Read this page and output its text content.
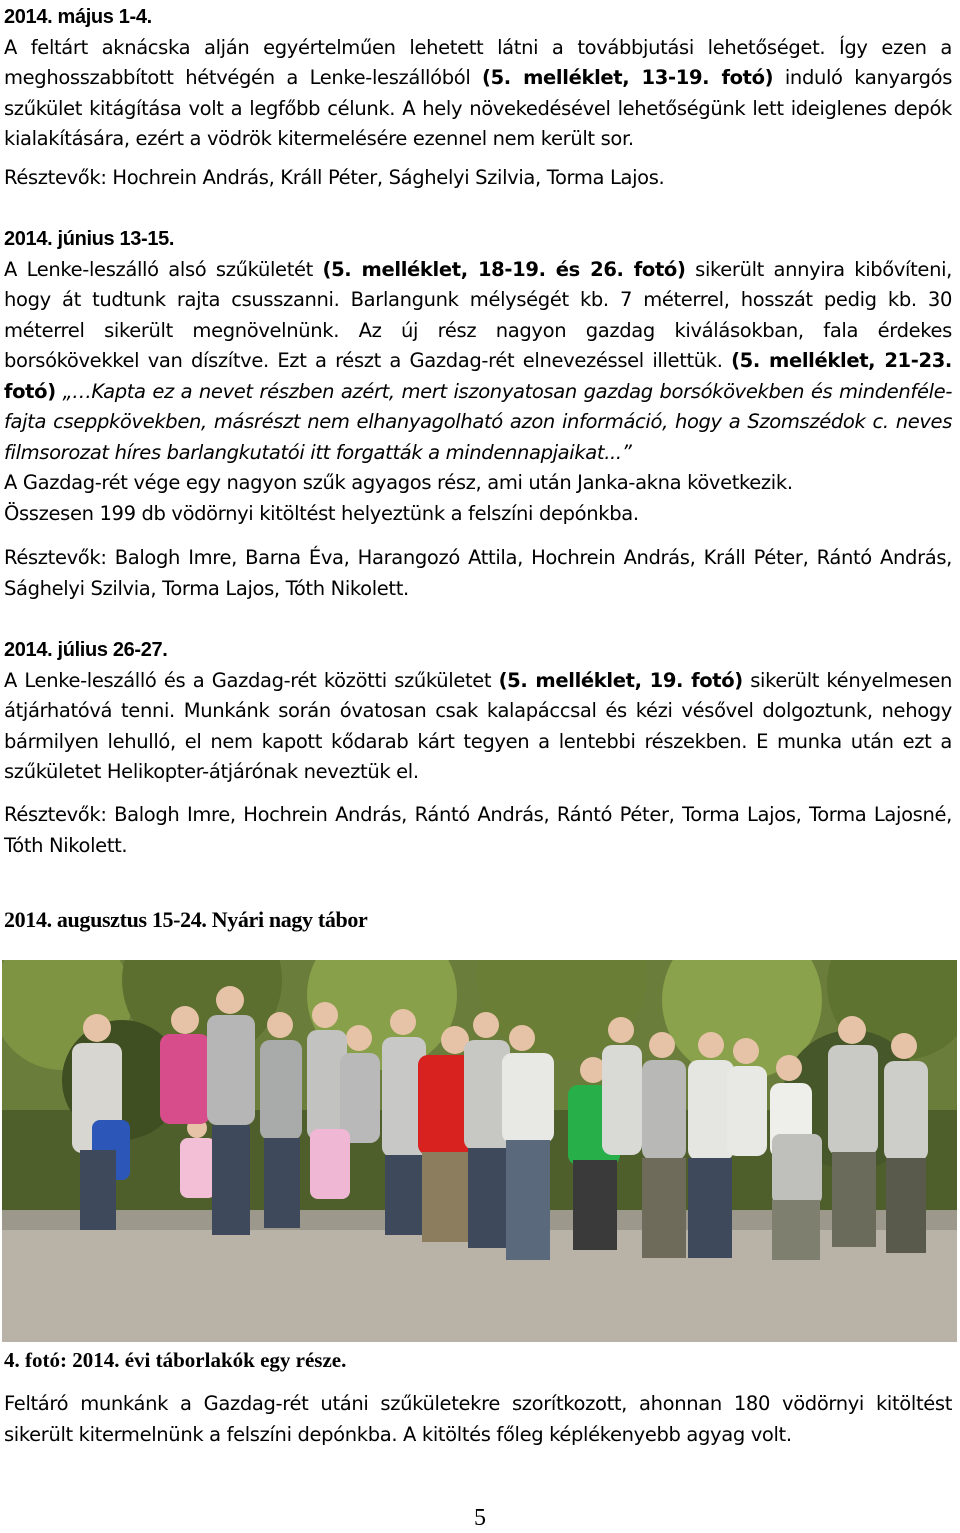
2014. május 1-4.
A feltárt aknácska alján egyértelműen lehetett látni a továbbjutási lehetőséget. Így ezen a meghosszabbított hétvégén a Lenke-leszállóból (5. melléklet, 13-19. fotó) induló kanyargós szűkület kitágítása volt a legfőbb célunk. A hely növekedésével lehetőségünk lett ideiglenes depók kialakítására, ezért a vödrök kitermelésére ezennel nem került sor.
Résztevők: Hochrein András, Králl Péter, Sághelyi Szilvia, Torma Lajos.
2014. június 13-15.
A Lenke-leszálló alsó szűkületét (5. melléklet, 18-19. és 26. fotó) sikerült annyira kibővíteni, hogy át tudtunk rajta csusszanni. Barlangunk mélységét kb. 7 méterrel, hosszát pedig kb. 30 méterrel sikerült megnövelnünk. Az új rész nagyon gazdag kiválásokban, fala érdekes borsókövekkel van díszítve. Ezt a részt a Gazdag-rét elnevezéssel illettük. (5. melléklet, 21-23. fotó) „…Kapta ez a nevet részben azért, mert iszonyatosan gazdag borsókövekben és mindenféle-fajta cseppkövekben, másrészt nem elhanyagolható azon információ, hogy a Szomszédok c. neves filmsorozat híres barlangkutatói itt forgatták a mindennapjaikat...”
A Gazdag-rét vége egy nagyon szűk agyagos rész, ami után Janka-akna következik.
Összesen 199 db vödörnyi kitöltést helyeztünk a felszíni depónkba.
Résztevők: Balogh Imre, Barna Éva, Harangozó Attila, Hochrein András, Králl Péter, Rántó András, Sághelyi Szilvia, Torma Lajos, Tóth Nikolett.
2014. július 26-27.
A Lenke-leszálló és a Gazdag-rét közötti szűkületet (5. melléklet, 19. fotó) sikerült kényelmesen átjárhatóvá tenni. Munkánk során óvatosan csak kalapáccsal és kézi vésővel dolgoztunk, nehogy bármilyen lehulló, el nem kapott kődarab kárt tegyen a lentebbi részekben. E munka után ezt a szűkületet Helikopter-átjárónak neveztük el.
Résztevők: Balogh Imre, Hochrein András, Rántó András, Rántó Péter, Torma Lajos, Torma Lajosné, Tóth Nikolett.
2014. augusztus 15-24. Nyári nagy tábor
4. fotó: 2014. évi táborlakók egy része.
Feltáró munkánk a Gazdag-rét utáni szűkületekre szorítkozott, ahonnan 180 vödörnyi kitöltést sikerült kitermelnünk a felszíni depónkba. A kitöltés főleg képlékenyebb agyag volt.
5
